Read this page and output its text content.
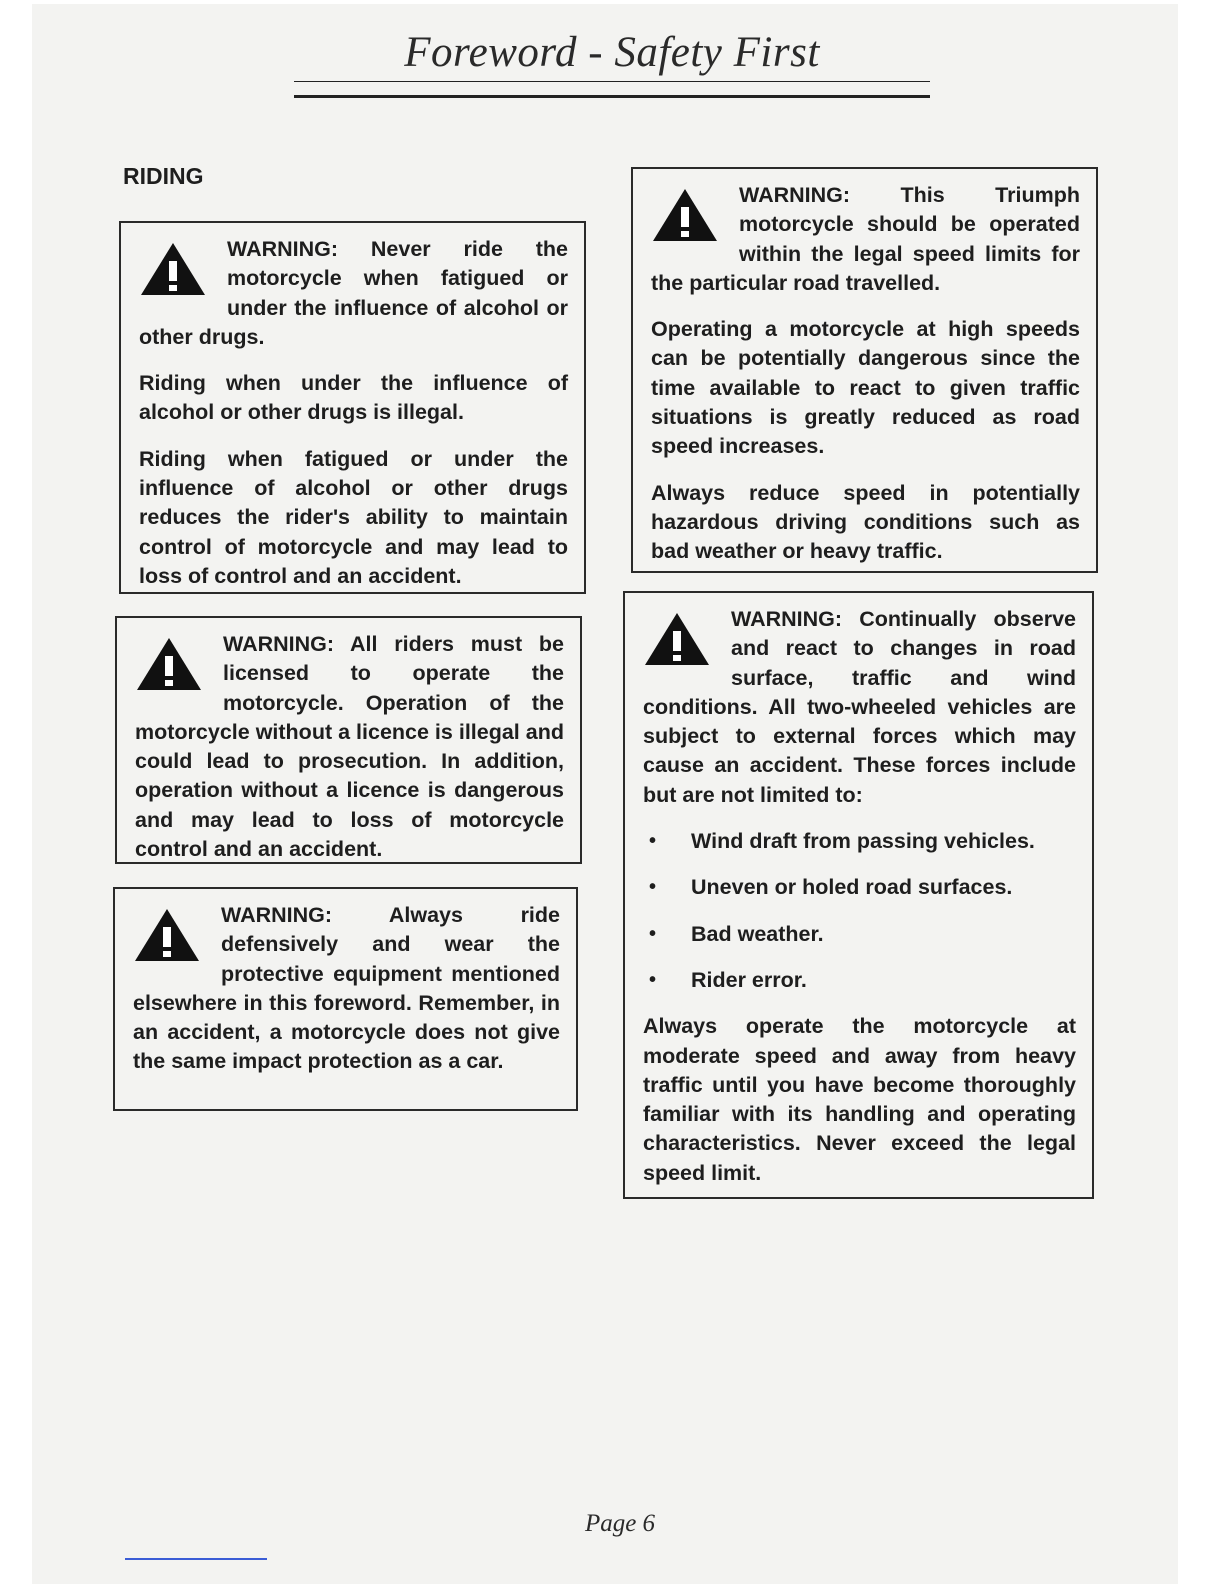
Foreword - Safety First
RIDING

WARNING: Never ride the motorcycle when fatigued or under the influence of alcohol or other drugs.

Riding when under the influence of alcohol or other drugs is illegal.

Riding when fatigued or under the influence of alcohol or other drugs reduces the rider's ability to maintain control of motorcycle and may lead to loss of control and an accident.

WARNING: All riders must be licensed to operate the motorcycle. Operation of the motorcycle without a licence is illegal and could lead to prosecution. In addition, operation without a licence is dangerous and may lead to loss of motorcycle control and an accident.

WARNING: Always ride defensively and wear the protective equipment mentioned elsewhere in this foreword. Remember, in an accident, a motorcycle does not give the same impact protection as a car.

WARNING: This Triumph motorcycle should be operated within the legal speed limits for the particular road travelled.

Operating a motorcycle at high speeds can be potentially dangerous since the time available to react to given traffic situations is greatly reduced as road speed increases.

Always reduce speed in potentially hazardous driving conditions such as bad weather or heavy traffic.

WARNING: Continually observe and react to changes in road surface, traffic and wind conditions. All two-wheeled vehicles are subject to external forces which may cause an accident. These forces include but are not limited to:

• Wind draft from passing vehicles.
• Uneven or holed road surfaces.
• Bad weather.
• Rider error.

Always operate the motorcycle at moderate speed and away from heavy traffic until you have become thoroughly familiar with its handling and operating characteristics. Never exceed the legal speed limit.

Page 6
